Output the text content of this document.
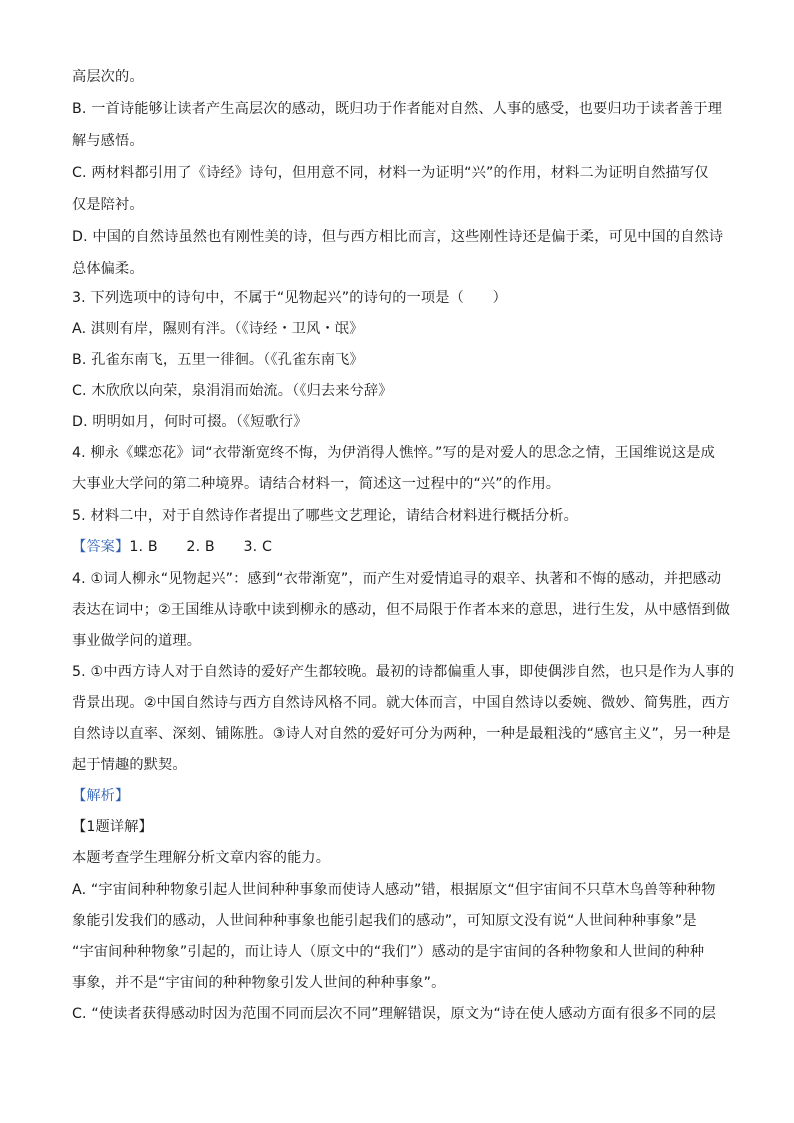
高层次的。
B. 一首诗能够让读者产生高层次的感动，既归功于作者能对自然、人事的感受，也要归功于读者善于理
解与感悟。
C. 两材料都引用了《诗经》诗句，但用意不同，材料一为证明“兴”的作用，材料二为证明自然描写仅
仅是陪衬。
D. 中国的自然诗虽然也有刚性美的诗，但与西方相比而言，这些刚性诗还是偏于柔，可见中国的自然诗
总体偏柔。
3. 下列选项中的诗句中，不属于“见物起兴”的诗句的一项是（　　）
A. 淇则有岸，隰则有泮。（《诗经・卫风・氓》
B. 孔雀东南飞，五里一徘徊。（《孔雀东南飞》
C. 木欣欣以向荣，泉涓涓而始流。（《归去来兮辞》
D. 明明如月，何时可掇。（《短歌行》
4. 柳永《蝶恋花》词“衣带渐宽终不悔，为伊消得人憔悴。”写的是对爱人的思念之情，王国维说这是成
大事业大学问的第二种境界。请结合材料一，简述这一过程中的“兴”的作用。
5. 材料二中，对于自然诗作者提出了哪些文艺理论，请结合材料进行概括分析。
【答案】1. B　　2. B　　3. C
4. ①词人柳永“见物起兴”：感到“衣带渐宽”，而产生对爱情追寻的艰辛、执著和不悔的感动，并把感动
表达在词中；②王国维从诗歌中读到柳永的感动，但不局限于作者本来的意思，进行生发，从中感悟到做
事业做学问的道理。
5. ①中西方诗人对于自然诗的爱好产生都较晚。最初的诗都偏重人事，即使偶涉自然，也只是作为人事的
背景出现。②中国自然诗与西方自然诗风格不同。就大体而言，中国自然诗以委婉、微妙、简隽胜，西方
自然诗以直率、深刻、铺陈胜。③诗人对自然的爱好可分为两种，一种是最粗浅的“感官主义”，另一种是
起于情趣的默契。
【解析】
【1题详解】
本题考查学生理解分析文章内容的能力。
A. “宇宙间种种物象引起人世间种种事象而使诗人感动”错，根据原文“但宇宙间不只草木鸟兽等种种物
象能引发我们的感动，人世间种种事象也能引起我们的感动”，可知原文没有说“人世间种种事象”是
“宇宙间种种物象”引起的，而让诗人（原文中的“我们”）感动的是宇宙间的各种物象和人世间的种种
事象，并不是“宇宙间的种种物象引发人世间的种种事象”。
C. “使读者获得感动时因为范围不同而层次不同”理解错误，原文为“诗在使人感动方面有很多不同的层
